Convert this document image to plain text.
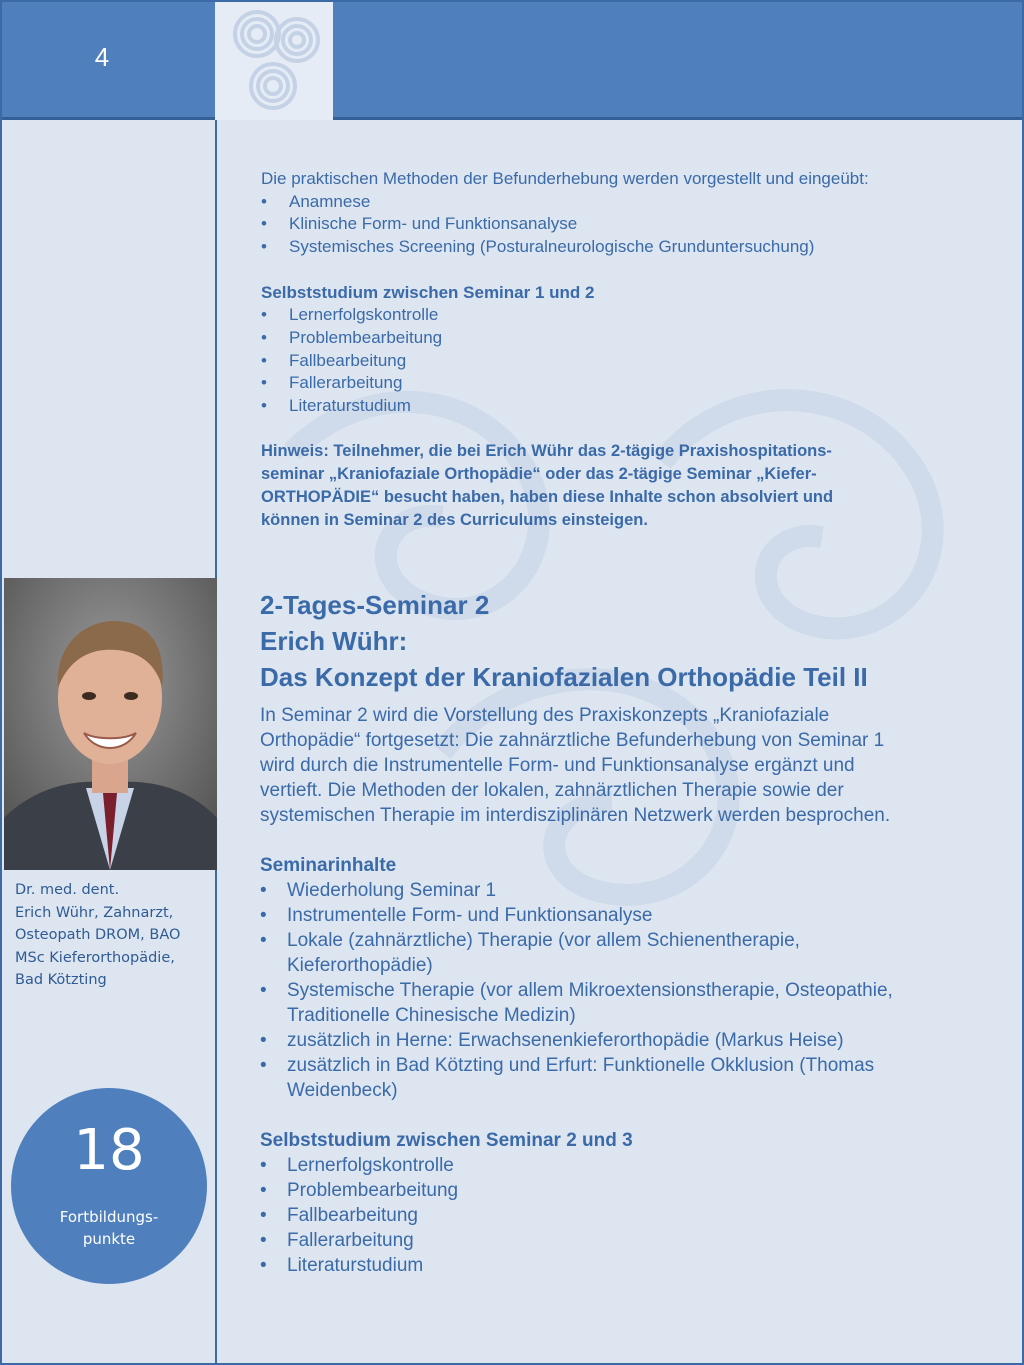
4
Dr. med. dent.
Erich Wühr, Zahnarzt,
Osteopath DROM, BAO
MSc Kieferorthopädie,
Bad Kötzting
18
Fortbildungs-
punkte
Die praktischen Methoden der Befunderhebung werden vorgestellt und eingeübt:
• Anamnese
• Klinische Form- und Funktionsanalyse
• Systemisches Screening (Posturalneurologische Grunduntersuchung)
Selbststudium zwischen Seminar 1 und 2
• Lernerfolgskontrolle
• Problembearbeitung
• Fallbearbeitung
• Fallerarbeitung
• Literaturstudium
Hinweis: Teilnehmer, die bei Erich Wühr das 2-tägige Praxishospitations-
seminar „Kraniofaziale Orthopädie“ oder das 2-tägige Seminar „Kiefer-
ORTHOPÄDIE“ besucht haben, haben diese Inhalte schon absolviert und
können in Seminar 2 des Curriculums einsteigen.
2-Tages-Seminar 2
Erich Wühr:
Das Konzept der Kraniofazialen Orthopädie Teil II

In Seminar 2 wird die Vorstellung des Praxiskonzepts „Kraniofaziale
Orthopädie“ fortgesetzt: Die zahnärztliche Befunderhebung von Seminar 1
wird durch die Instrumentelle Form- und Funktionsanalyse ergänzt und
vertieft. Die Methoden der lokalen, zahnärztlichen Therapie sowie der
systemischen Therapie im interdisziplinären Netzwerk werden besprochen.

Seminarinhalte
• Wiederholung Seminar 1
• Instrumentelle Form- und Funktionsanalyse
• Lokale (zahnärztliche) Therapie (vor allem Schienentherapie,
Kieferorthopädie)
• Systemische Therapie (vor allem Mikroextensionstherapie, Osteopathie,
Traditionelle Chinesische Medizin)
• zusätzlich in Herne: Erwachsenenkieferorthopädie (Markus Heise)
• zusätzlich in Bad Kötzting und Erfurt: Funktionelle Okklusion (Thomas
Weidenbeck)
Selbststudium zwischen Seminar 2 und 3
• Lernerfolgskontrolle
• Problembearbeitung
• Fallbearbeitung
• Fallerarbeitung
• Literaturstudium
